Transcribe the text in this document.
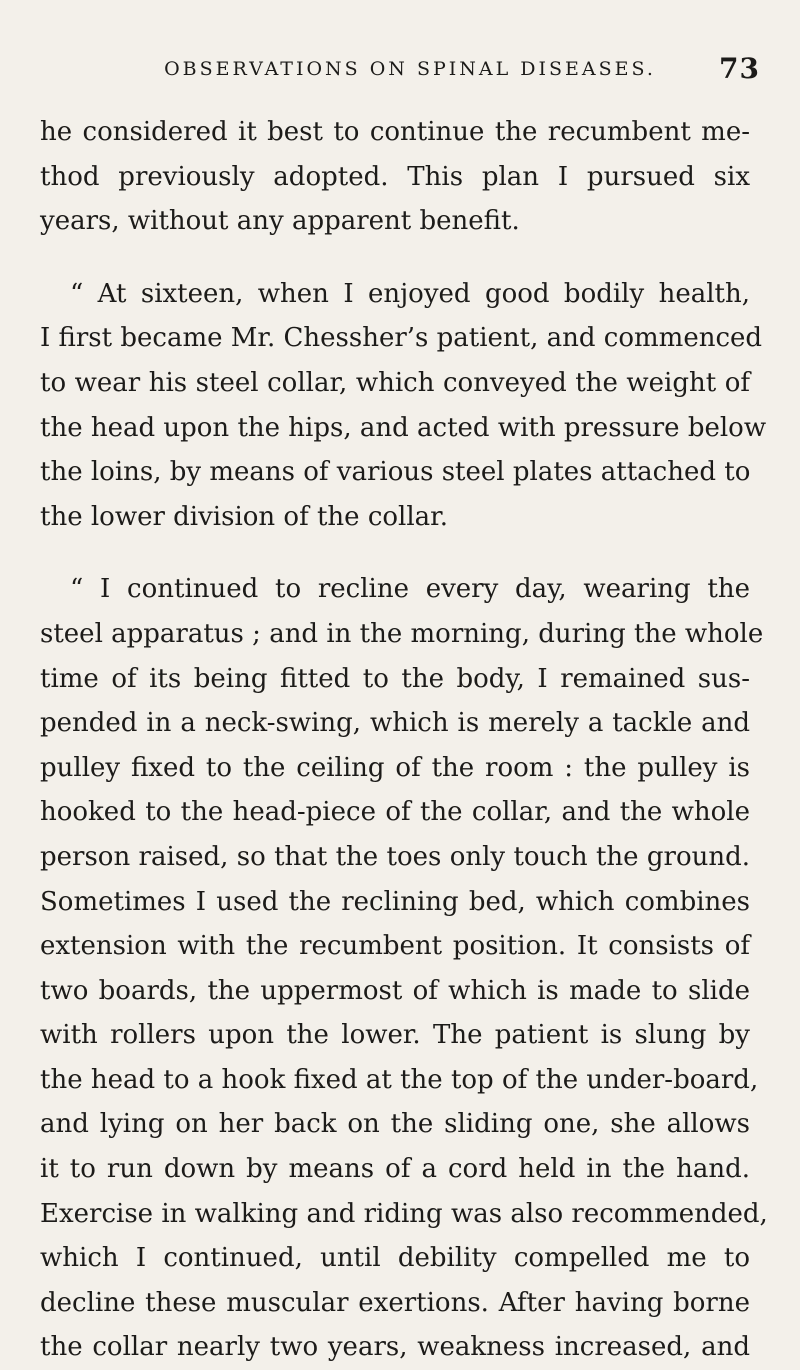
OBSERVATIONS ON SPINAL DISEASES.	73
he considered it best to continue the recumbent me-
thod previously adopted. This plan I pursued six
years, without any apparent benefit.
“ At sixteen, when I enjoyed good bodily health,
I first became Mr. Chessher’s patient, and commenced
to wear his steel collar, which conveyed the weight of
the head upon the hips, and acted with pressure below
the loins, by means of various steel plates attached to
the lower division of the collar.
“ I continued to recline every day, wearing the
steel apparatus ; and in the morning, during the whole
time of its being fitted to the body, I remained sus-
pended in a neck-swing, which is merely a tackle and
pulley fixed to the ceiling of the room : the pulley is
hooked to the head-piece of the collar, and the whole
person raised, so that the toes only touch the ground.
Sometimes I used the reclining bed, which combines
extension with the recumbent position. It consists of
two boards, the uppermost of which is made to slide
with rollers upon the lower. The patient is slung by
the head to a hook fixed at the top of the under-board,
and lying on her back on the sliding one, she allows
it to run down by means of a cord held in the hand.
Exercise in walking and riding was also recommended,
which I continued, until debility compelled me to
decline these muscular exertions. After having borne
the collar nearly two years, weakness increased, and
